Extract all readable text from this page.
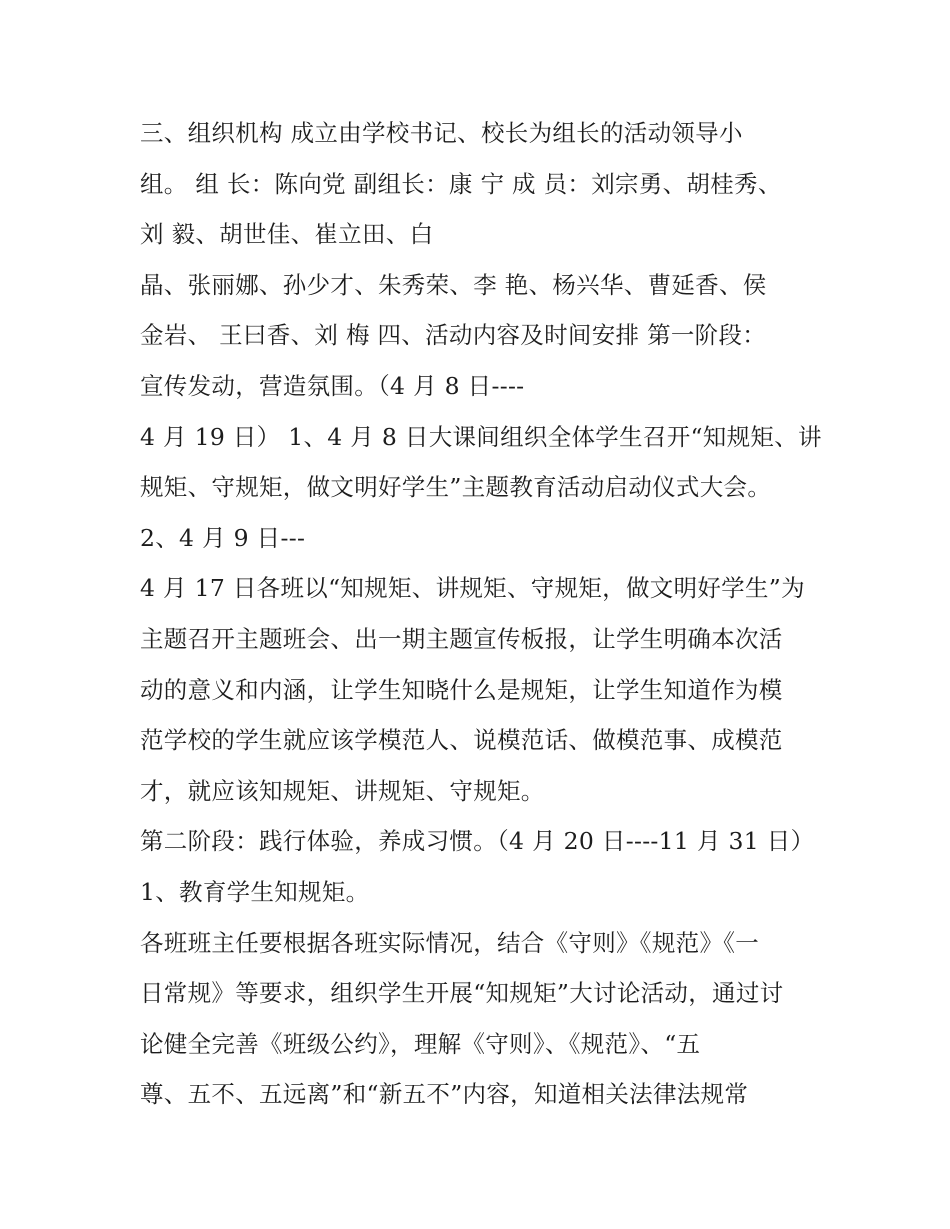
三、组织机构 成立由学校书记、校长为组长的活动领导小
组。 组 长：陈向党 副组长：康 宁 成 员：刘宗勇、胡桂秀、
刘 毅、胡世佳、崔立田、白
晶、张丽娜、孙少才、朱秀荣、李 艳、杨兴华、曹延香、侯
金岩、 王曰香、刘 梅 四、活动内容及时间安排 第一阶段：
宣传发动，营造氛围。（4 月 8 日----
4 月 19 日） 1、4 月 8 日大课间组织全体学生召开“知规矩、讲
规矩、守规矩，做文明好学生”主题教育活动启动仪式大会。
2、4 月 9 日---
4 月 17 日各班以“知规矩、讲规矩、守规矩，做文明好学生”为
主题召开主题班会、出一期主题宣传板报，让学生明确本次活
动的意义和内涵，让学生知晓什么是规矩，让学生知道作为模
范学校的学生就应该学模范人、说模范话、做模范事、成模范
才，就应该知规矩、讲规矩、守规矩。
第二阶段：践行体验，养成习惯。（4 月 20 日----11 月 31 日）
1、教育学生知规矩。
各班班主任要根据各班实际情况，结合《守则》《规范》《一
日常规》等要求，组织学生开展“知规矩”大讨论活动，通过讨
论健全完善《班级公约》，理解《守则》、《规范》、“五
尊、五不、五远离”和“新五不”内容，知道相关法律法规常
